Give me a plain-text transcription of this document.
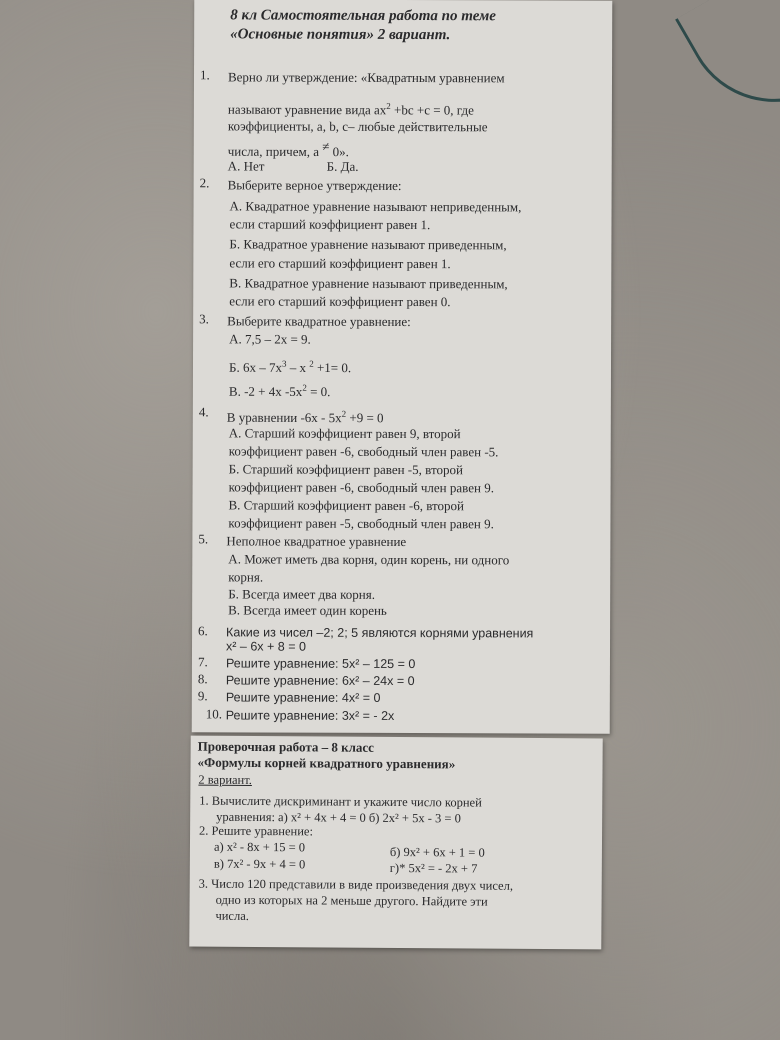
8 кл Самостоятельная работа по теме
«Основные понятия» 2 вариант.
1. Верно ли утверждение: «Квадратным уравнением
называют уравнение вида $ах^2 +bс +с = 0$, где
коэффициенты, а, b, с– любые действительные
числа, причем, а ≠ 0».
А. Нет	Б. Да.
2. Выберите верное утверждение:
А. Квадратное уравнение называют неприведенным,
если старший коэффициент равен 1.
Б. Квадратное уравнение называют приведенным,
если его старший коэффициент равен 1.
В. Квадратное уравнение называют приведенным,
если его старший коэффициент равен 0.
3. Выберите квадратное уравнение:
А. 7,5 – 2х = 9.
Б. $6х - 7х^3$ – х $^2$ +1= 0.
В. -2 + 4х $-5х^2 = 0$.
4. В уравнении $-6х - 5х^2 +9 = 0$
А. Старший коэффициент равен 9, второй
коэффициент равен -6, свободный член равен -5.
Б. Старший коэффициент равен -5, второй
коэффициент равен -6, свободный член равен 9.
В. Старший коэффициент равен -6, второй
коэффициент равен -5, свободный член равен 9.
5. Неполное квадратное уравнение
А. Может иметь два корня, один корень, ни одного
корня.
Б. Всегда имеет два корня.
В. Всегда имеет один корень
6. Какие из чисел –2; 2; 5 являются корнями уравнения
x² – 6x + 8 = 0
7. Решите уравнение: 5x² – 125 = 0
8. Решите уравнение: 6x² – 24x = 0
9. Решите уравнение: 4x² = 0
10. Решите уравнение: 3x² = - 2x
Проверочная работа – 8 класс
«Формулы корней квадратного уравнения»
2 вариант.
1. Вычислите дискриминант и укажите число корней
уравнения: а) x² + 4x + 4 = 0 б) 2x² + 5x - 3 = 0
2. Решите уравнение:
а) x² - 8x + 15 = 0	б) 9x² + 6x + 1 = 0
в) 7x² - 9x + 4 = 0	г)* 5x² = - 2x + 7
3. Число 120 представили в виде произведения двух чисел,
одно из которых на 2 меньше другого. Найдите эти
числа.
